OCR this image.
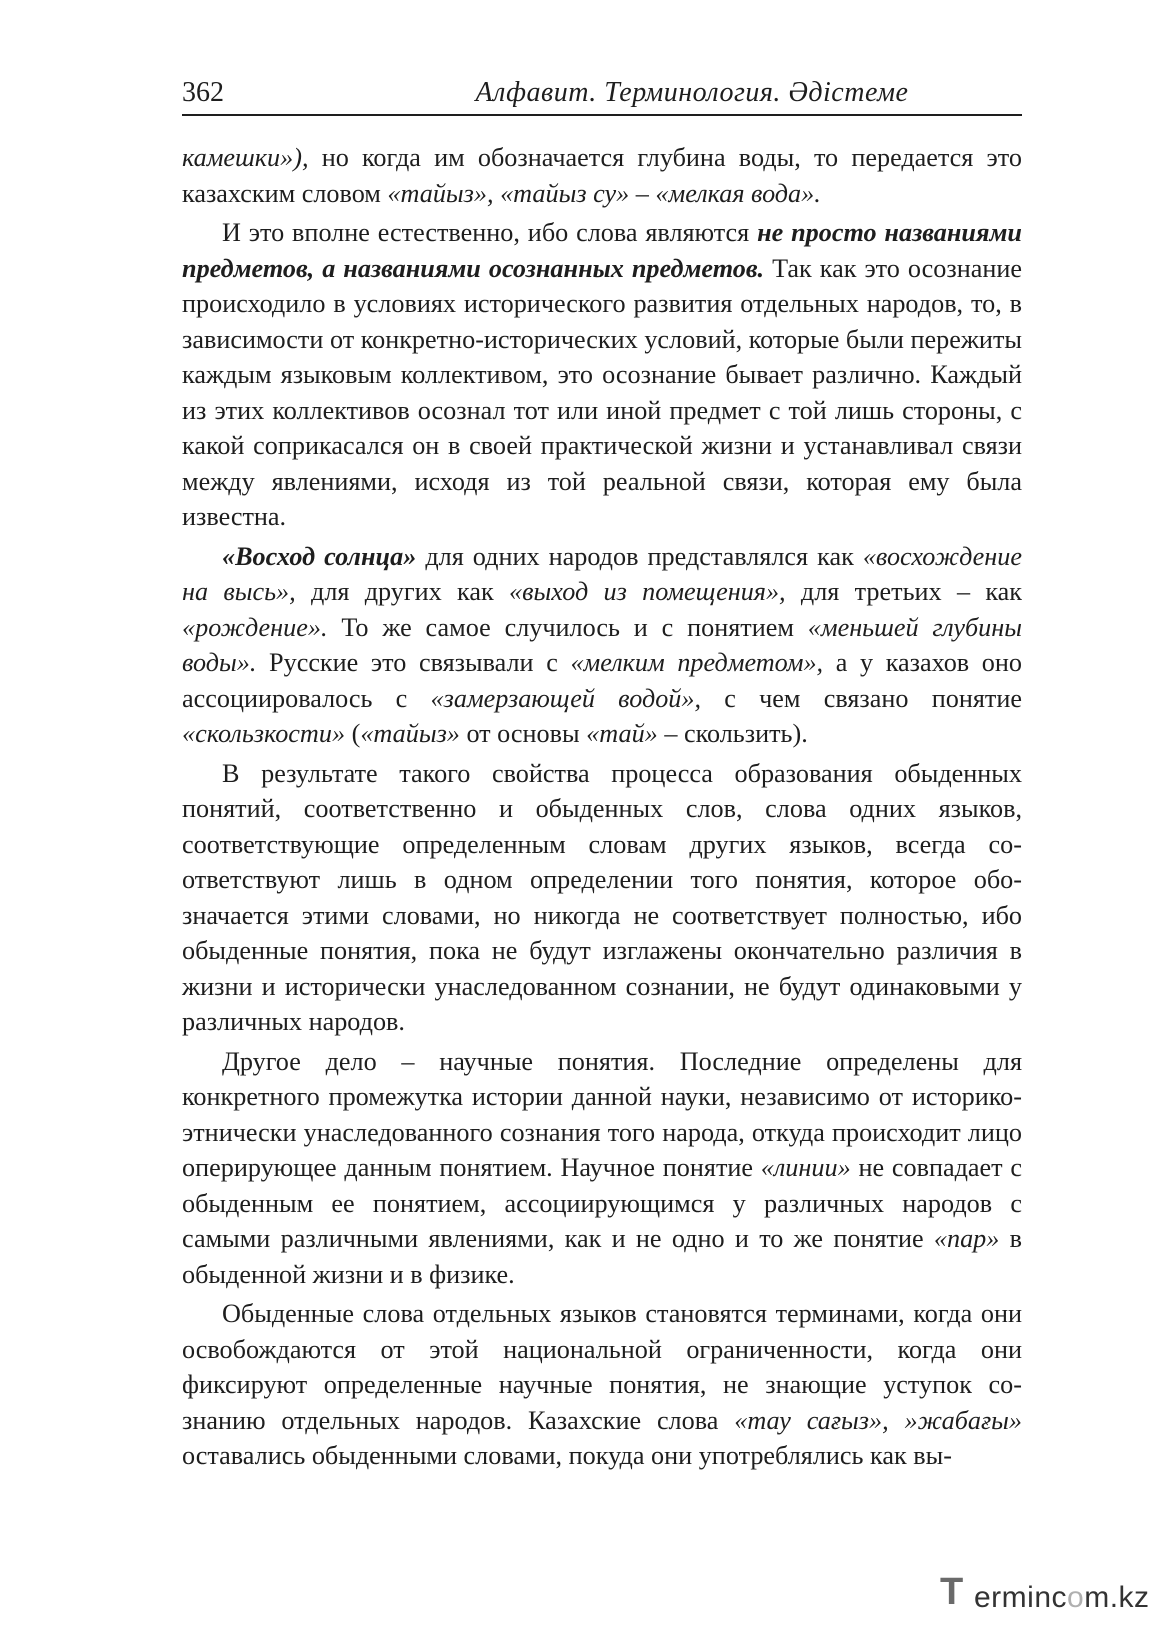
362	Алфавит. Терминология. Әдістеме

камешки»), но когда им обозначается глубина воды, то передается это казахским словом «тайыз», «тайыз су» – «мелкая вода».

И это вполне естественно, ибо слова являются не просто названиями предметов, а названиями осознанных предметов. Так как это осознание происходило в условиях исторического развития отдельных народов, то, в зависимости от конкретно-исторических условий, которые были пережиты каждым языковым коллективом, это осознание бывает различно. Каждый из этих коллективов осознал тот или иной предмет с той лишь стороны, с какой соприкасался он в своей практической жизни и устанавливал связи между явлениями, исходя из той реальной связи, которая ему была известна.

«Восход солнца» для одних народов представлялся как «восхождение на высь», для других как «выход из помещения», для третьих – как «рождение». То же самое случилось и с понятием «меньшей глубины воды». Русские это связывали с «мелким предметом», а у казахов оно ассоциировалось с «замерзающей водой», с чем связано понятие «скользкости» («тайыз» от основы «тай» – скользить).

В результате такого свойства процесса образования обыденных понятий, соответственно и обыденных слов, слова одних языков, соответствующие определенным словам других языков, всегда соответствуют лишь в одном определении того понятия, которое обозначается этими словами, но никогда не соответствует полностью, ибо обыденные понятия, пока не будут изглажены окончательно различия в жизни и исторически унаследованном сознании, не будут одинаковыми у различных народов.

Другое дело – научные понятия. Последние определены для конкретного промежутка истории данной науки, независимо от историко-этнически унаследованного сознания того народа, откуда происходит лицо оперирующее данным понятием. Научное понятие «линии» не совпадает с обыденным ее понятием, ассоциирующимся у различных народов с самыми различными явлениями, как и не одно и то же понятие «пар» в обыденной жизни и в физике.

Обыденные слова отдельных языков становятся терминами, когда они освобождаются от этой национальной ограниченности, когда они фиксируют определенные научные понятия, не знающие уступок сознанию отдельных народов. Казахские слова «тау сағыз», »жабағы» оставались обыденными словами, покуда они употреблялись как вы-

T ermincom.kz
